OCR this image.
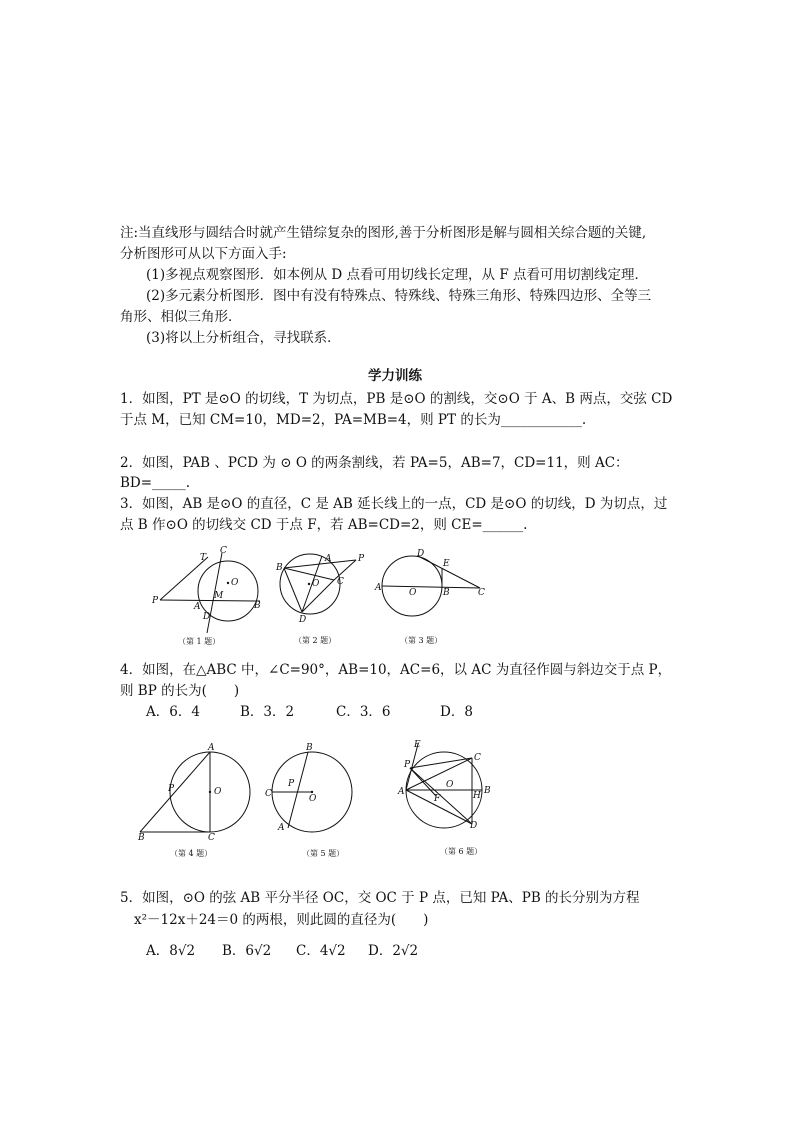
注:当直线形与圆结合时就产生错综复杂的图形,善于分析图形是解与圆相关综合题的关键,
分析图形可从以下方面入手:
(1)多视点观察图形．如本例从 D 点看可用切线长定理，从 F 点看可用切割线定理．
(2)多元素分析图形．图中有没有特殊点、特殊线、特殊三角形、特殊四边形、全等三
角形、相似三角形．
(3)将以上分析组合，寻找联系．
学力训练
1．如图，PT 是⊙O 的切线，T 为切点，PB 是⊙O 的割线，交⊙O 于 A、B 两点，交弦 CD
于点 M，已知 CM=10，MD=2，PA=MB=4，则 PT 的长为____________.
2．如图，PAB 、PCD 为 ⊙ O 的两条割线，若 PA=5，AB=7，CD=11，则 AC：
BD=_____.
3．如图，AB 是⊙O 的直径，C 是 AB 延长线上的一点，CD 是⊙O 的切线，D 为切点，过
点 B 作⊙O 的切线交 CD 于点 F，若 AB=CD=2，则 CE=______.
T
C
O
P
A
M
B
D
（第 1 题）
B
A	P
O C
D
（第 2 题）
D
E
A	O	B	C
（第 3 题）
4．如图，在△ABC 中，∠C=90°，AB=10，AC=6，以 AC 为直径作圆与斜边交于点 P，
则 BP 的长为(　　)
A．6．4	B．3．2	C．3．6	D．8
A
P	O
B	C
（第 4 题）
B
P
C	O
A
（第 5 题）
E
P
C
O
A
F	H B
D
（第 6 题）
5．如图，⊙O 的弦 AB 平分半径 OC，交 OC 于 P 点，已知 PA、PB 的长分别为方程
x²－12x＋24＝0 的两根，则此圆的直径为(　　)
A．8√2 B．6√2 C．4√2 D．2√2
